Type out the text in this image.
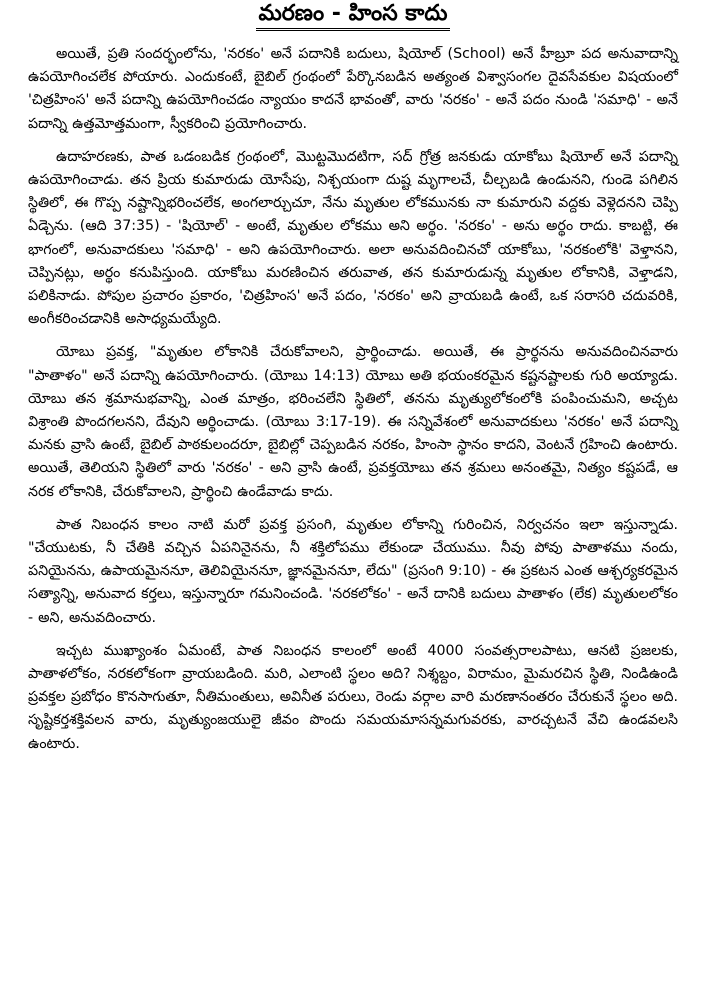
మరణం - హింస కాదు

అయితే, ప్రతి సందర్భంలోను, 'నరకం' అనే పదానికి బదులు, షియోల్ (School) అనే హీబ్రూ పద అనువాదాన్ని ఉపయోగించలేక పోయారు. ఎందుకంటే, బైబిల్ గ్రంథంలో పేర్కొనబడిన అత్యంత విశ్వాసంగల దైవసేవకుల విషయంలో 'చిత్రహింస' అనే పదాన్ని ఉపయోగించడం న్యాయం కాదనే భావంతో, వారు 'నరకం' - అనే పదం నుండి 'సమాధి' - అనే పదాన్ని ఉత్తమోత్తమంగా, స్వీకరించి ప్రయోగించారు.

ఉదాహరణకు, పాత ఒడంబడిక గ్రంథంలో, మొట్టమొదటిగా, సద్ గ్రోత్ర జనకుడు యాకోబు షియోల్ అనే పదాన్ని ఉపయోగించాడు. తన ప్రియ కుమారుడు యోసేపు, నిశ్చయంగా దుష్ట మృగాలచే, చీల్చబడి ఉండునని, గుండె పగిలిన స్థితిలో, ఈ గొప్ప నష్టాన్నిభరించలేక, అంగలార్చుచూ, నేను మృతుల లోకమునకు నా కుమారుని వద్దకు వెళ్లెదనని చెప్పి ఏడ్చెను. (ఆది 37:35) - 'షియోల్' - అంటే, మృతుల లోకము అని అర్థం. 'నరకం' - అను అర్థం రాదు. కాబట్టి, ఈ భాగంలో, అనువాదకులు 'సమాధి' - అని ఉపయోగించారు. అలా అనువదించినచో యాకోబు, 'నరకంలోకి' వెళ్తానని, చెప్పినట్లు, అర్థం కనుపిస్తుంది. యాకోబు మరణించిన తరువాత, తన కుమారుడున్న మృతుల లోకానికి, వెళ్తాడని, పలికినాడు. పోపుల ప్రచారం ప్రకారం, 'చిత్రహింస' అనే పదం, 'నరకం' అని వ్రాయబడి ఉంటే, ఒక సరాసరి చదువరికి, అంగీకరించడానికి అసాధ్యమయ్యేది.

యోబు ప్రవక్త, "మృతుల లోకానికి చేరుకోవాలని, ప్రార్థించాడు. అయితే, ఈ ప్రార్థనను అనువదించినవారు "పాతాళం" అనే పదాన్ని ఉపయోగించారు. (యోబు 14:13) యోబు అతి భయంకరమైన కష్టనష్టాలకు గురి అయ్యాడు. యోబు తన శ్రమానుభవాన్ని, ఎంత మాత్రం, భరించలేని స్థితిలో, తనను మృత్యులోకంలోకి పంపించుమని, అచ్చట విశ్రాంతి పొందగలనని, దేవుని అర్థించాడు. (యోబు 3:17-19). ఈ సన్నివేశంలో అనువాదకులు 'నరకం' అనే పదాన్ని మనకు వ్రాసి ఉంటే, బైబిల్ పాఠకులందరూ, బైబిల్లో చెప్పబడిన నరకం, హింసా స్థానం కాదని, వెంటనే గ్రహించి ఉంటారు. అయితే, తెలియని స్థితిలో వారు 'నరకం' - అని వ్రాసి ఉంటే, ప్రవక్తయోబు తన శ్రమలు అనంతమై, నిత్యం కష్టపడే, ఆ నరక లోకానికి, చేరుకోవాలని, ప్రార్థించి ఉండేవాడు కాదు.

పాత నిబంధన కాలం నాటి మరో ప్రవక్త ప్రసంగి, మృతుల లోకాన్ని గురించిన, నిర్వచనం ఇలా ఇస్తున్నాడు. "చేయుటకు, నీ చేతికి వచ్చిన ఏపనినైనను, నీ శక్తిలోపము లేకుండా చేయుము. నీవు పోవు పాతాళము నందు, పనియైనను, ఉపాయమైననూ, తెలివియైననూ, జ్ఞానమైననూ, లేదు" (ప్రసంగి 9:10) - ఈ ప్రకటన ఎంత ఆశ్చర్యకరమైన సత్యాన్ని, అనువాద కర్తలు, ఇస్తున్నారూ గమనించండి. 'నరకలోకం' - అనే దానికి బదులు పాతాళం (లేక) మృతులలోకం - అని, అనువదించారు.

ఇచ్చట ముఖ్యాంశం ఏమంటే, పాత నిబంధన కాలంలో అంటే 4000 సంవత్సరాలపాటు, ఆనటి ప్రజలకు, పాతాళలోకం, నరకలోకంగా వ్రాయబడింది. మరి, ఎలాంటి స్థలం అది? నిశ్శబ్దం, విరామం, మైమరచిన స్థితి, నిండిఉండి ప్రవక్తల ప్రబోధం కొనసాగుతూ, నీతిమంతులు, అవినీత పరులు, రెండు వర్గాల వారి మరణానంతరం చేరుకునే స్థలం అది. సృష్టికర్తశక్తివలన వారు, మృత్యుంజయులై జీవం పొందు సమయమాసన్నమగువరకు, వారచ్చటనే వేచి ఉండవలసి ఉంటారు.
